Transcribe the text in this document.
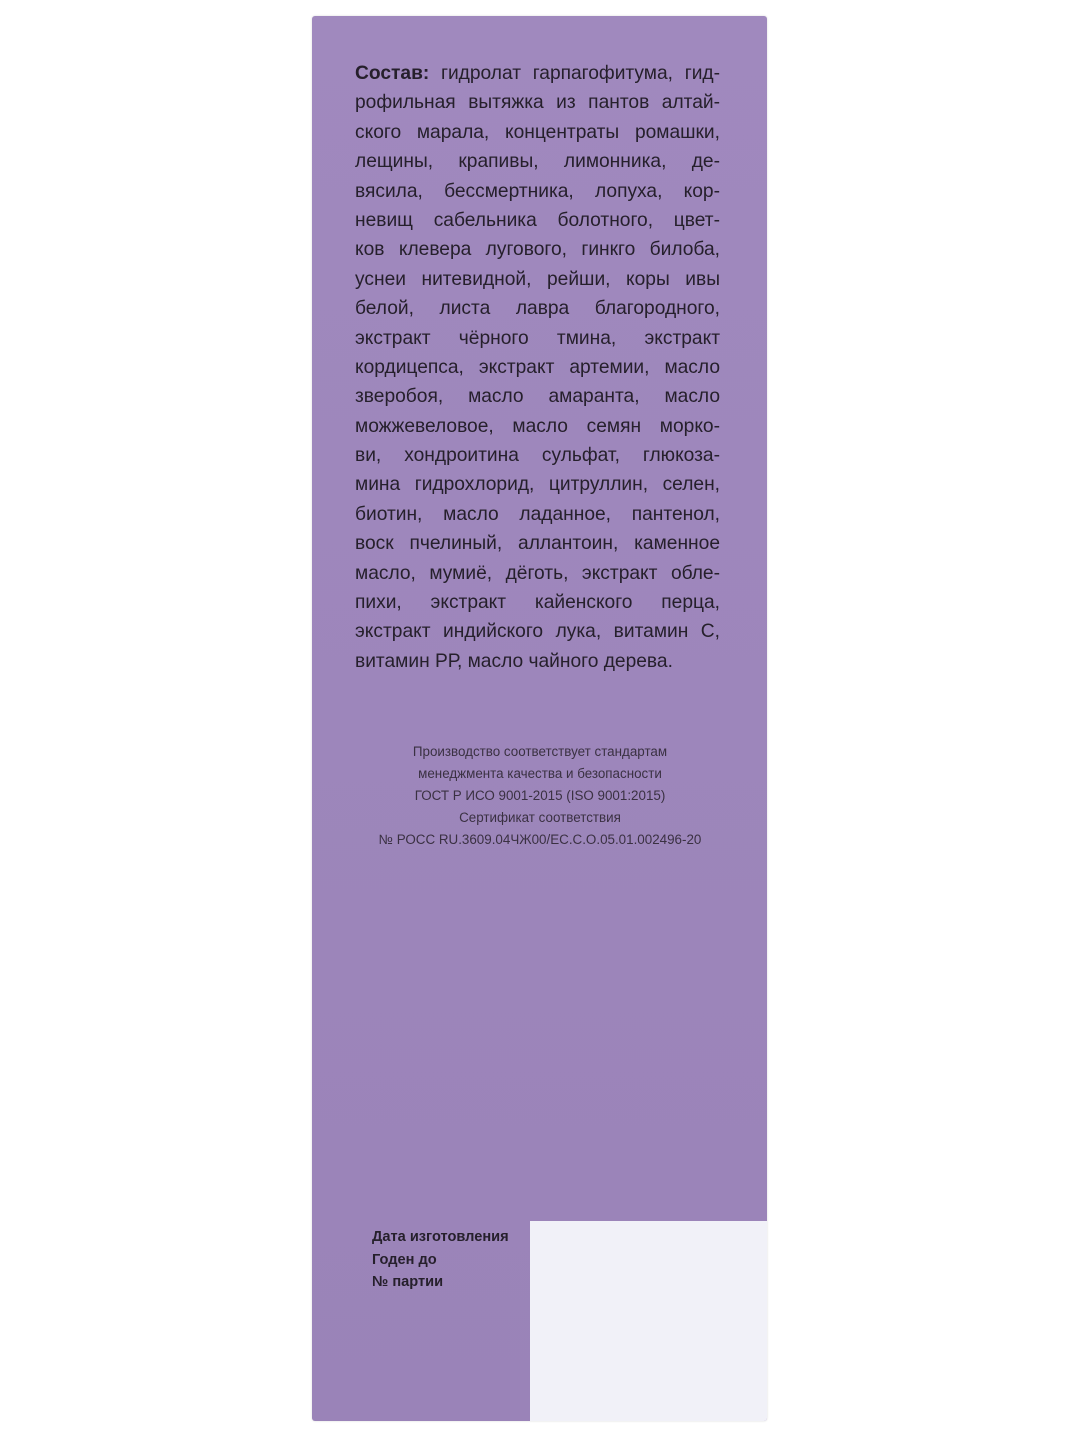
Состав: гидролат гарпагофитума, гид-
рофильная вытяжка из пантов алтай-
ского марала, концентраты ромашки,
лещины, крапивы, лимонника, де-
вясила, бессмертника, лопуха, кор-
невищ сабельника болотного, цвет-
ков клевера лугового, гинкго билоба,
уснеи нитевидной, рейши, коры ивы
белой, листа лавра благородного,
экстракт чёрного тмина, экстракт
кордицепса, экстракт артемии, масло
зверобоя, масло амаранта, масло
можжевеловое, масло семян морко-
ви, хондроитина сульфат, глюкоза-
мина гидрохлорид, цитруллин, селен,
биотин, масло ладанное, пантенол,
воск пчелиный, аллантоин, каменное
масло, мумиё, дёготь, экстракт обле-
пихи, экстракт кайенского перца,
экстракт индийского лука, витамин С,
витамин РР, масло чайного дерева.
Производство соответствует стандартам
менеджмента качества и безопасности
ГОСТ Р ИСО 9001-2015 (ISO 9001:2015)
Сертификат соответствия
№ РОСС RU.3609.04ЧЖ00/ЕС.С.О.05.01.002496-20
Дата изготовления
Годен до
№ партии
